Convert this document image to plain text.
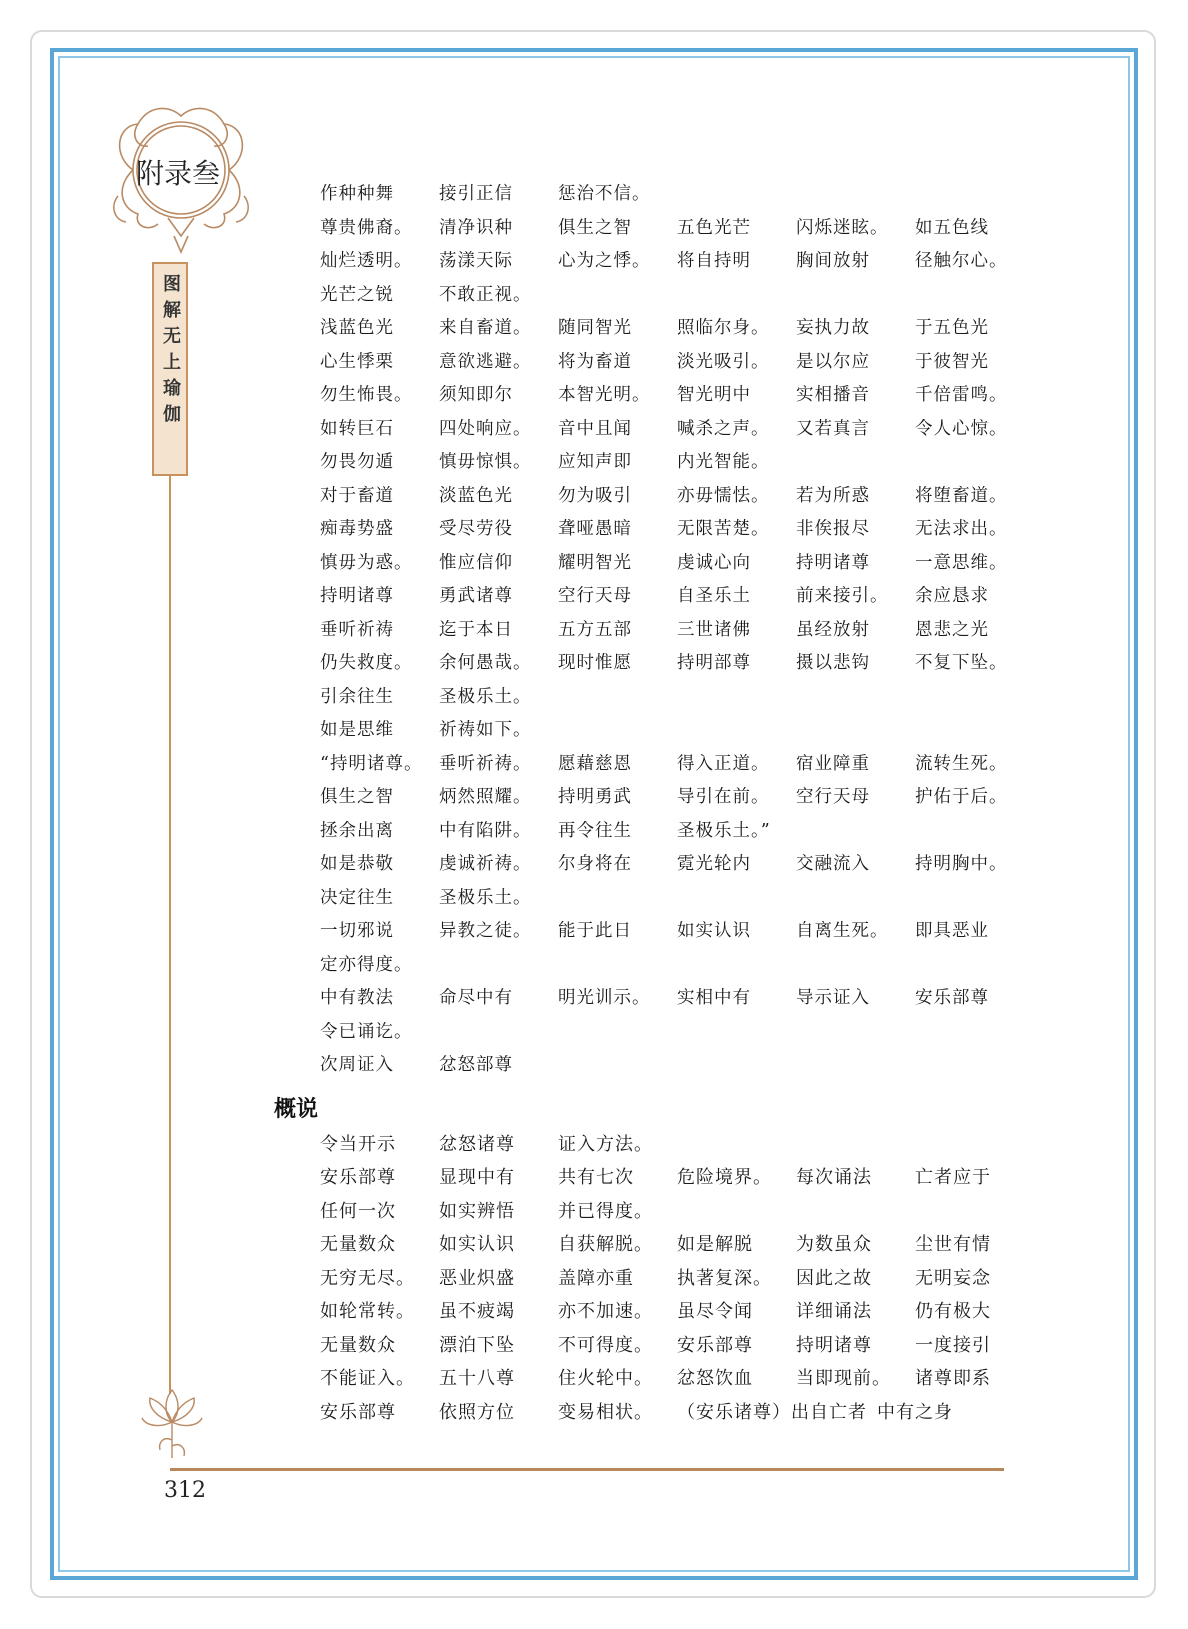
附录叁
图解无上瑜伽
312
作种种舞	接引正信	惩治不信。
尊贵佛裔。	清净识种	俱生之智	五色光芒	闪烁迷眩。	如五色线
灿烂透明。	荡漾天际	心为之悸。	将自持明	胸间放射	径触尔心。
光芒之锐	不敢正视。
浅蓝色光	来自畜道。	随同智光	照临尔身。	妄执力故	于五色光
心生悸栗	意欲逃避。	将为畜道	淡光吸引。	是以尔应	于彼智光
勿生怖畏。	须知即尔	本智光明。	智光明中	实相播音	千倍雷鸣。
如转巨石	四处响应。	音中且闻	喊杀之声。	又若真言	令人心惊。
勿畏勿遁	慎毋惊惧。	应知声即	内光智能。
对于畜道	淡蓝色光	勿为吸引	亦毋懦怯。	若为所惑	将堕畜道。
痴毒势盛	受尽劳役	聋哑愚暗	无限苦楚。	非俟报尽	无法求出。
慎毋为惑。	惟应信仰	耀明智光	虔诚心向	持明诸尊	一意思维。
持明诸尊	勇武诸尊	空行天母	自圣乐土	前来接引。	余应恳求
垂听祈祷	迄于本日	五方五部	三世诸佛	虽经放射	恩悲之光
仍失救度。	余何愚哉。	现时惟愿	持明部尊	摄以悲钩	不复下坠。
引余往生	圣极乐土。
如是思维	祈祷如下。
“持明诸尊。 垂听祈祷。	愿藉慈恩	得入正道。	宿业障重	流转生死。
俱生之智	炳然照耀。	持明勇武	导引在前。	空行天母	护佑于后。
拯余出离	中有陷阱。	再令往生	圣极乐土。”
如是恭敬	虔诚祈祷。	尔身将在	霓光轮内	交融流入	持明胸中。
决定往生	圣极乐土。
一切邪说	异教之徒。	能于此日	如实认识	自离生死。	即具恶业
定亦得度。
中有教法	命尽中有	明光训示。	实相中有	导示证入	安乐部尊
令已诵讫。
次周证入	忿怒部尊
概说
令当开示	忿怒诸尊	证入方法。
安乐部尊	显现中有	共有七次	危险境界。	每次诵法	亡者应于
任何一次	如实辨悟	并已得度。
无量数众	如实认识	自获解脱。	如是解脱	为数虽众	尘世有情
无穷无尽。	恶业炽盛	盖障亦重	执著复深。	因此之故	无明妄念
如轮常转。	虽不疲竭	亦不加速。	虽尽令闻	详细诵法	仍有极大
无量数众	漂泊下坠	不可得度。	安乐部尊	持明诸尊	一度接引
不能证入。	五十八尊	住火轮中。	忿怒饮血	当即现前。	诸尊即系
安乐部尊	依照方位	变易相状。	（安乐诸尊）出自亡者 中有之身
